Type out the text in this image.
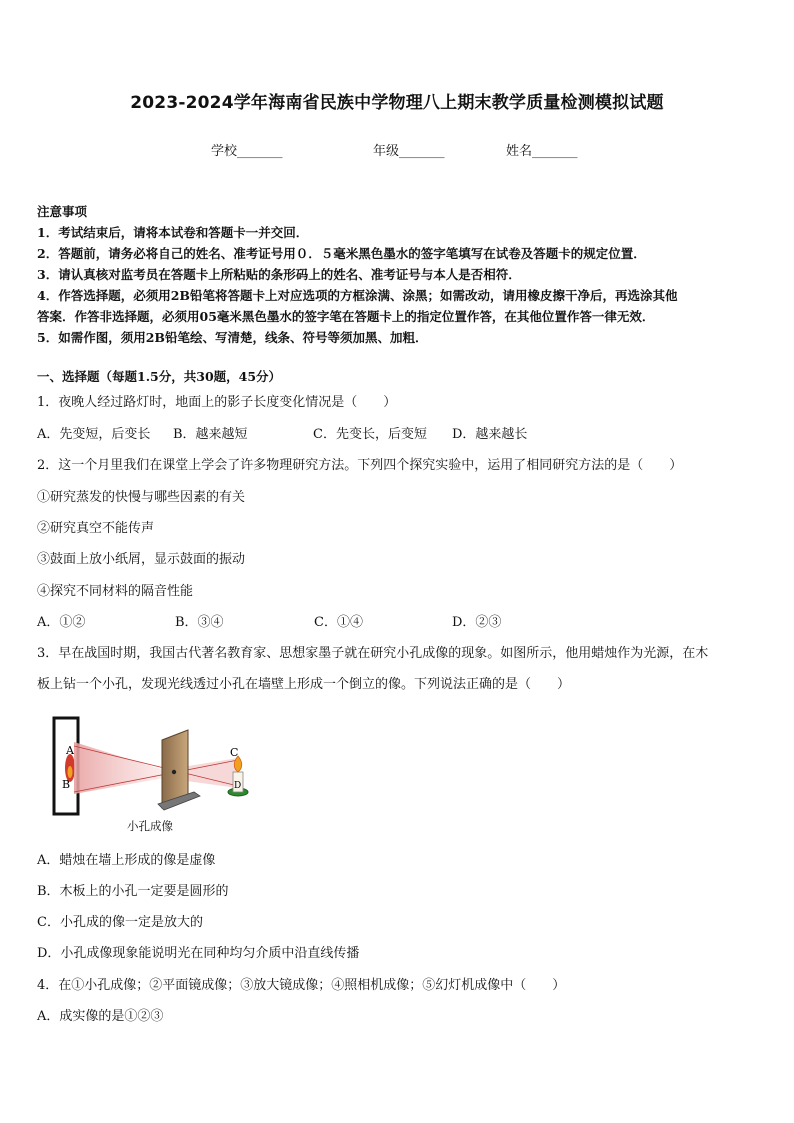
2023-2024学年海南省民族中学物理八上期末教学质量检测模拟试题
学校_______	年级_______	姓名_______
注意事项
1．考试结束后，请将本试卷和答题卡一并交回．
2．答题前，请务必将自己的姓名、准考证号用０．５毫米黑色墨水的签字笔填写在试卷及答题卡的规定位置．
3．请认真核对监考员在答题卡上所粘贴的条形码上的姓名、准考证号与本人是否相符．
4．作答选择题，必须用2B铅笔将答题卡上对应选项的方框涂满、涂黑；如需改动，请用橡皮擦干净后，再选涂其他
答案．作答非选择题，必须用05毫米黑色墨水的签字笔在答题卡上的指定位置作答，在其他位置作答一律无效．
5．如需作图，须用2B铅笔绘、写清楚，线条、符号等须加黑、加粗．
一、选择题（每题1.5分，共30题，45分）
1．夜晚人经过路灯时，地面上的影子长度变化情况是（　　）
A．先变短，后变长 B．越来越短	C．先变长，后变短 D．越来越长
2．这一个月里我们在课堂上学会了许多物理研究方法。下列四个探究实验中，运用了相同研究方法的是（　　）
①研究蒸发的快慢与哪些因素的有关
②研究真空不能传声
③鼓面上放小纸屑，显示鼓面的振动
④探究不同材料的隔音性能
A．①②	B．③④	C．①④	D．②③
3．早在战国时期，我国古代著名教育家、思想家墨子就在研究小孔成像的现象。如图所示，他用蜡烛作为光源，在木
板上钻一个小孔，发现光线透过小孔在墙壁上形成一个倒立的像。下列说法正确的是（　　）
A
B
C
D
小孔成像
A．蜡烛在墙上形成的像是虚像
B．木板上的小孔一定要是圆形的
C．小孔成的像一定是放大的
D．小孔成像现象能说明光在同种均匀介质中沿直线传播
4．在①小孔成像；②平面镜成像；③放大镜成像；④照相机成像；⑤幻灯机成像中（　　）
A．成实像的是①②③
